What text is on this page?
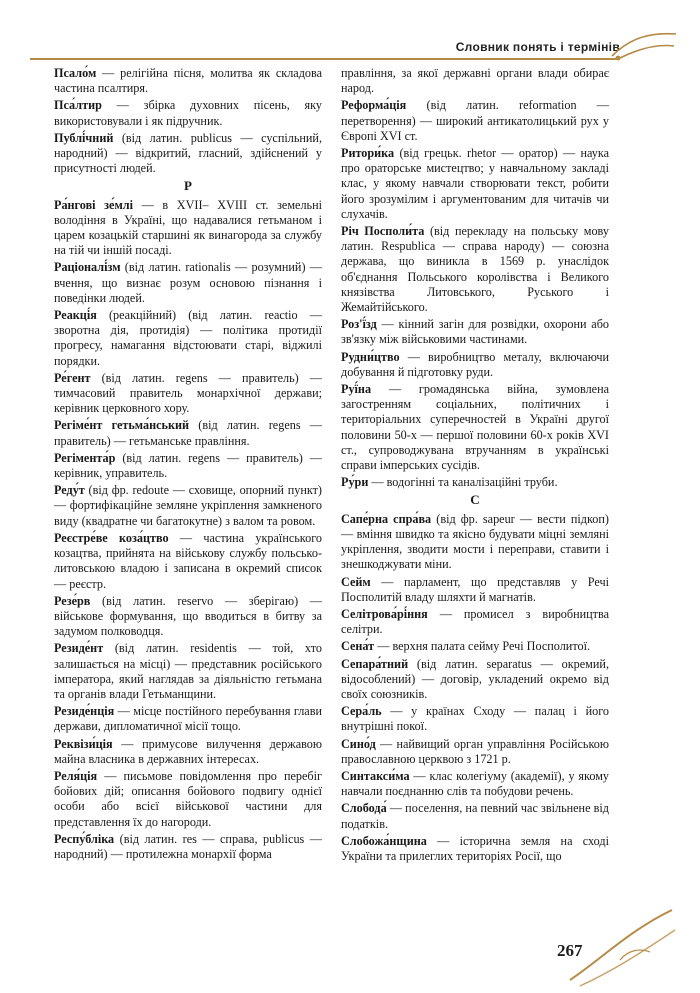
Словник понять і термінів

Псало́м — релігійна пісня, молитва як складова частина псалтиря.

Пса́лтир — збірка духовних пісень, яку використовували і як підручник.

Публі́чний (від латин. publicus — суспільний, народний) — відкритий, гласний, здійснений у присутності людей.

Р

Ра́нгові зе́млі — в XVII– XVIII ст. земельні володіння в Україні, що надавалися гетьманом і царем козацькій старшині як винагорода за службу на тій чи іншій посаді.

Раціоналі́зм (від латин. rationalis — розумний) — вчення, що визнає розум основою пізнання і поведінки людей.

Реакці́я (реакційний) (від латин. reactio — зворотна дія, протидія) — політика протидії прогресу, намагання відстоювати старі, віджилі порядки.

Ре́гент (від латин. regens — правитель) — тимчасовий правитель монархічної держави; керівник церковного хору.

Регіме́нт гетьма́нський (від латин. regens — правитель) — гетьманське правління.

Регімента́р (від латин. regens — правитель) — керівник, управитель.

Реду́т (від фр. redoute — сховище, опорний пункт) — фортифікаційне земляне укріплення замкненого виду (квадратне чи багатокутне) з валом та ровом.

Реєстре́ве коза́цтво — частина українського козацтва, прийнята на військову службу польсько-литовською владою і записана в окремий список — реєстр.

Резе́рв (від латин. reservo — зберігаю) — військове формування, що вводиться в битву за задумом полководця.

Резиде́нт (від латин. residentis — той, хто залишається на місці) — представник російського імператора, який наглядав за діяльністю гетьмана та органів влади Гетьманщини.

Резиде́нція — місце постійного перебування глави держави, дипломатичної місії тощо.

Реквізи́ція — примусове вилучення державою майна власника в державних інтересах.

Реля́ція — письмове повідомлення про перебіг бойових дій; описання бойового подвигу однієї особи або всієї військової частини для представлення їх до нагороди.

Респу́бліка (від латин. res — справа, publicus — народний) — протилежна монархії форма

правління, за якої державні органи влади обирає народ.

Реформа́ція (від латин. reformation — перетворення) — широкий антикатолицький рух у Європі XVI ст.

Ритори́ка (від грецьк. rhetor — оратор) — наука про ораторське мистецтво; у навчальному закладі клас, у якому навчали створювати текст, робити його зрозумілим і аргументованим для читачів чи слухачів.

Річ Посполи́та (від перекладу на польську мову латин. Respublica — справа народу) — союзна держава, що виникла в 1569 р. унаслідок об'єднання Польського королівства і Великого князівства Литовського, Руського і Жемайтійського.

Роз'ї́зд — кінний загін для розвідки, охорони або зв'язку між військовими частинами.

Рудни́цтво — виробництво металу, включаючи добування й підготовку руди.

Руї́на — громадянська війна, зумовлена загостренням соціальних, політичних і територіальних суперечностей в Україні другої половини 50-х — першої половини 60-х років XVI ст., супроводжувана втручанням в українські справи імперських сусідів.

Ру́ри — водогінні та каналізаційні труби.

С

Сапе́рна спра́ва (від фр. sapeur — вести підкоп) — вміння швидко та якісно будувати міцні земляні укріплення, зводити мости і переправи, ставити і знешкоджувати міни.

Сейм — парламент, що представляв у Речі Посполитій владу шляхти й магнатів.

Селітрова́рі́ння — промисел з виробництва селітри.

Сена́т — верхня палата сейму Речі Посполитої.

Сепара́тний (від латин. separatus — окремий, відособлений) — договір, укладений окремо від своїх союзників.

Сера́ль — у країнах Сходу — палац і його внутрішні покої.

Сино́д — найвищий орган управління Російською православною церквою з 1721 р.

Синтакси́ма — клас колегіуму (академії), у якому навчали поєднанню слів та побудови речень.

Слобода́ — поселення, на певний час звільнене від податків.

Слобожа́нщина — історична земля на сході України та прилеглих територіях Росії, що

267
